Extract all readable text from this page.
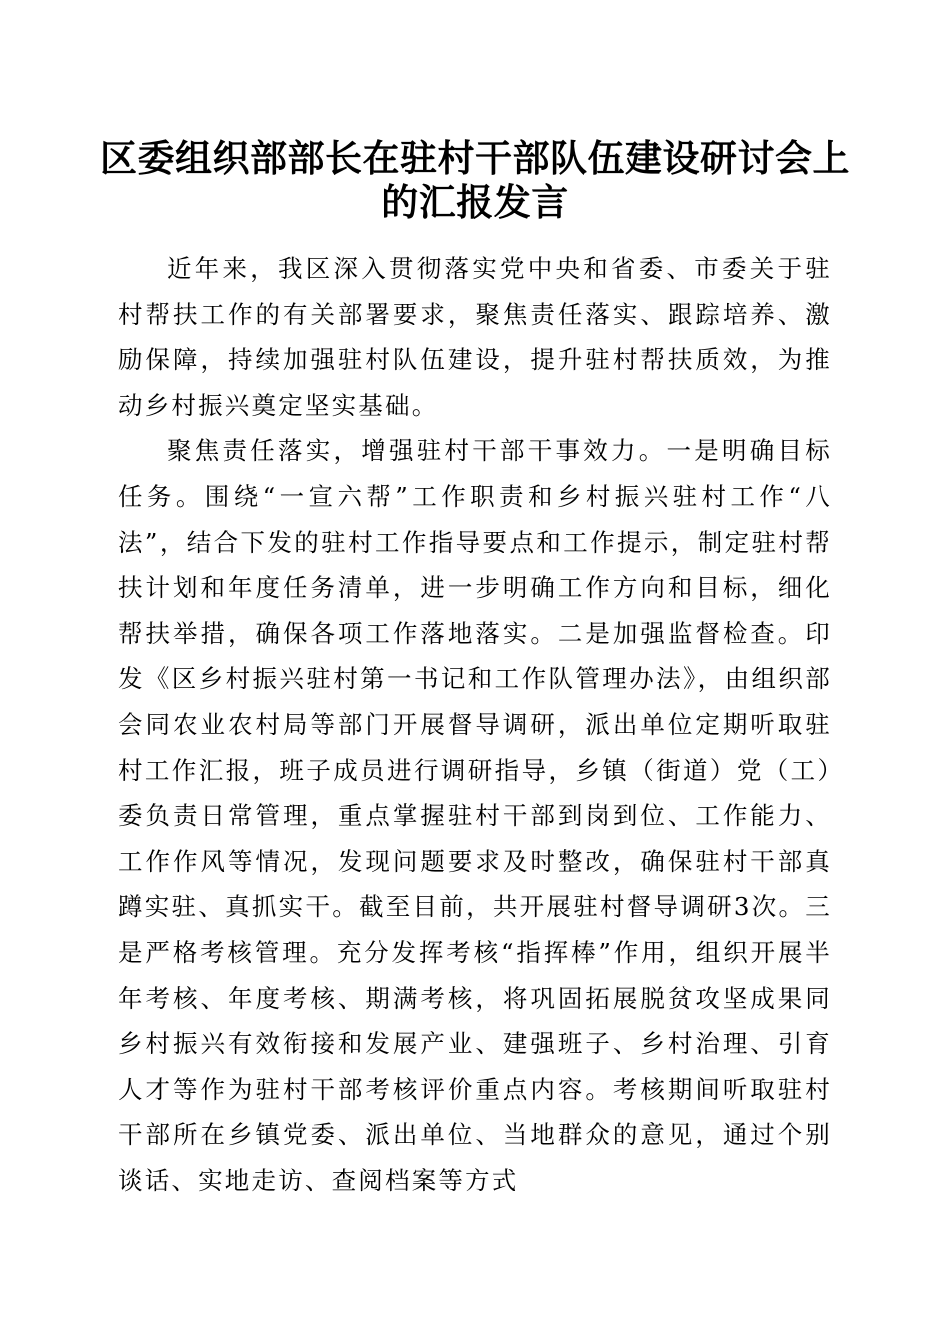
区委组织部部长在驻村干部队伍建设研讨会上的汇报发言

近年来，我区深入贯彻落实党中央和省委、市委关于驻村帮扶工作的有关部署要求，聚焦责任落实、跟踪培养、激励保障，持续加强驻村队伍建设，提升驻村帮扶质效，为推动乡村振兴奠定坚实基础。

聚焦责任落实，增强驻村干部干事效力。一是明确目标任务。围绕“一宣六帮”工作职责和乡村振兴驻村工作“八法”，结合下发的驻村工作指导要点和工作提示，制定驻村帮扶计划和年度任务清单，进一步明确工作方向和目标，细化帮扶举措，确保各项工作落地落实。二是加强监督检查。印发《区乡村振兴驻村第一书记和工作队管理办法》，由组织部会同农业农村局等部门开展督导调研，派出单位定期听取驻村工作汇报，班子成员进行调研指导，乡镇（街道）党（工）委负责日常管理，重点掌握驻村干部到岗到位、工作能力、工作作风等情况，发现问题要求及时整改，确保驻村干部真蹲实驻、真抓实干。截至目前，共开展驻村督导调研3次。三是严格考核管理。充分发挥考核“指挥棒”作用，组织开展半年考核、年度考核、期满考核，将巩固拓展脱贫攻坚成果同乡村振兴有效衔接和发展产业、建强班子、乡村治理、引育人才等作为驻村干部考核评价重点内容。考核期间听取驻村干部所在乡镇党委、派出单位、当地群众的意见，通过个别谈话、实地走访、查阅档案等方式
